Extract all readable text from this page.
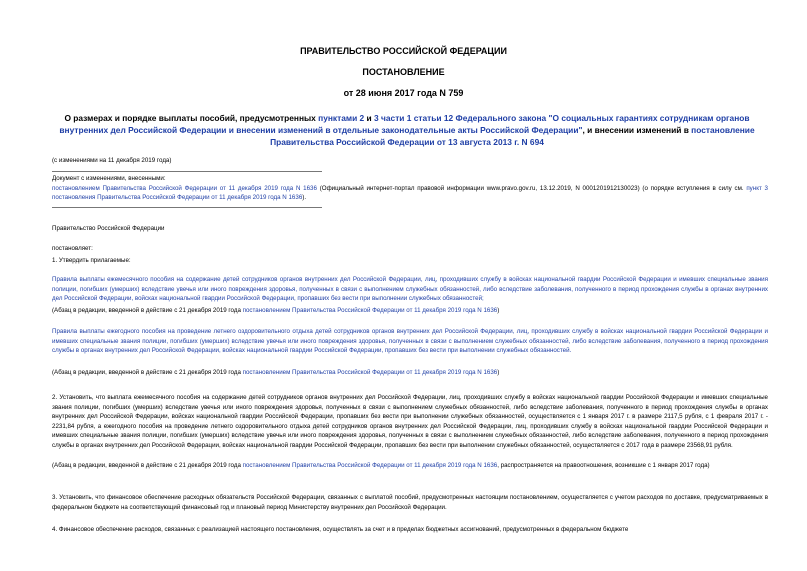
ПРАВИТЕЛЬСТВО РОССИЙСКОЙ ФЕДЕРАЦИИ
ПОСТАНОВЛЕНИЕ
от 28 июня 2017 года N 759
О размерах и порядке выплаты пособий, предусмотренных пунктами 2 и 3 части 1 статьи 12 Федерального закона "О социальных гарантиях сотрудникам органов внутренних дел Российской Федерации и внесении изменений в отдельные законодательные акты Российской Федерации", и внесении изменений в постановление Правительства Российской Федерации от 13 августа 2013 г. N 694
(с изменениями на 11 декабря 2019 года)
Документ с изменениями, внесенными:
постановлением Правительства Российской Федерации от 11 декабря 2019 года N 1636 (Официальный интернет-портал правовой информации www.pravo.gov.ru, 13.12.2019, N 0001201912130023) (о порядке вступления в силу см. пункт 3 постановления Правительства Российской Федерации от 11 декабря 2019 года N 1636).
Правительство Российской Федерации
постановляет:
1. Утвердить прилагаемые:
Правила выплаты ежемесячного пособия на содержание детей сотрудников органов внутренних дел Российской Федерации, лиц, проходивших службу в войсках национальной гвардии Российской Федерации и имевших специальные звания полиции, погибших (умерших) вследствие увечья или иного повреждения здоровья, полученных в связи с выполнением служебных обязанностей, либо вследствие заболевания, полученного в период прохождения службы в органах внутренних дел Российской Федерации, войсках национальной гвардии Российской Федерации, пропавших без вести при выполнении служебных обязанностей;
(Абзац в редакции, введенной в действие с 21 декабря 2019 года постановлением Правительства Российской Федерации от 11 декабря 2019 года N 1636)
Правила выплаты ежегодного пособия на проведение летнего оздоровительного отдыха детей сотрудников органов внутренних дел Российской Федерации, лиц, проходивших службу в войсках национальной гвардии Российской Федерации и имевших специальные звания полиции, погибших (умерших) вследствие увечья или иного повреждения здоровья, полученных в связи с выполнением служебных обязанностей, либо вследствие заболевания, полученного в период прохождения службы в органах внутренних дел Российской Федерации, войсках национальной гвардии Российской Федерации, пропавших без вести при выполнении служебных обязанностей.
(Абзац в редакции, введенной в действие с 21 декабря 2019 года постановлением Правительства Российской Федерации от 11 декабря 2019 года N 1636)
2. Установить, что выплата ежемесячного пособия на содержание детей сотрудников органов внутренних дел Российской Федерации, лиц, проходивших службу в войсках национальной гвардии Российской Федерации и имевших специальные звания полиции, погибших (умерших) вследствие увечья или иного повреждения здоровья, полученных в связи с выполнением служебных обязанностей, либо вследствие заболевания, полученного в период прохождения службы в органах внутренних дел Российской Федерации, войсках национальной гвардии Российской Федерации, пропавших без вести при выполнении служебных обязанностей, осуществляется с 1 января 2017 г. в размере 2117,5 рубля, с 1 февраля 2017 г. - 2231,84 рубля, а ежегодного пособия на проведение летнего оздоровительного отдыха детей сотрудников органов внутренних дел Российской Федерации, лиц, проходивших службу в войсках национальной гвардии Российской Федерации и имевших специальные звания полиции, погибших (умерших) вследствие увечья или иного повреждения здоровья, полученных в связи с выполнением служебных обязанностей, либо вследствие заболевания, полученного в период прохождения службы в органах внутренних дел Российской Федерации, войсках национальной гвардии Российской Федерации, пропавших без вести при выполнении служебных обязанностей, осуществляется с 2017 года в размере 23568,91 рубля.
(Абзац в редакции, введенной в действие с 21 декабря 2019 года постановлением Правительства Российской Федерации от 11 декабря 2019 года N 1636, распространяется на правоотношения, возникшие с 1 января 2017 года)
3. Установить, что финансовое обеспечение расходных обязательств Российской Федерации, связанных с выплатой пособий, предусмотренных настоящим постановлением, осуществляется с учетом расходов по доставке, предусматриваемых в федеральном бюджете на соответствующий финансовый год и плановый период Министерству внутренних дел Российской Федерации.
4. Финансовое обеспечение расходов, связанных с реализацией настоящего постановления, осуществлять за счет и в пределах бюджетных ассигнований, предусмотренных в федеральном бюджете
